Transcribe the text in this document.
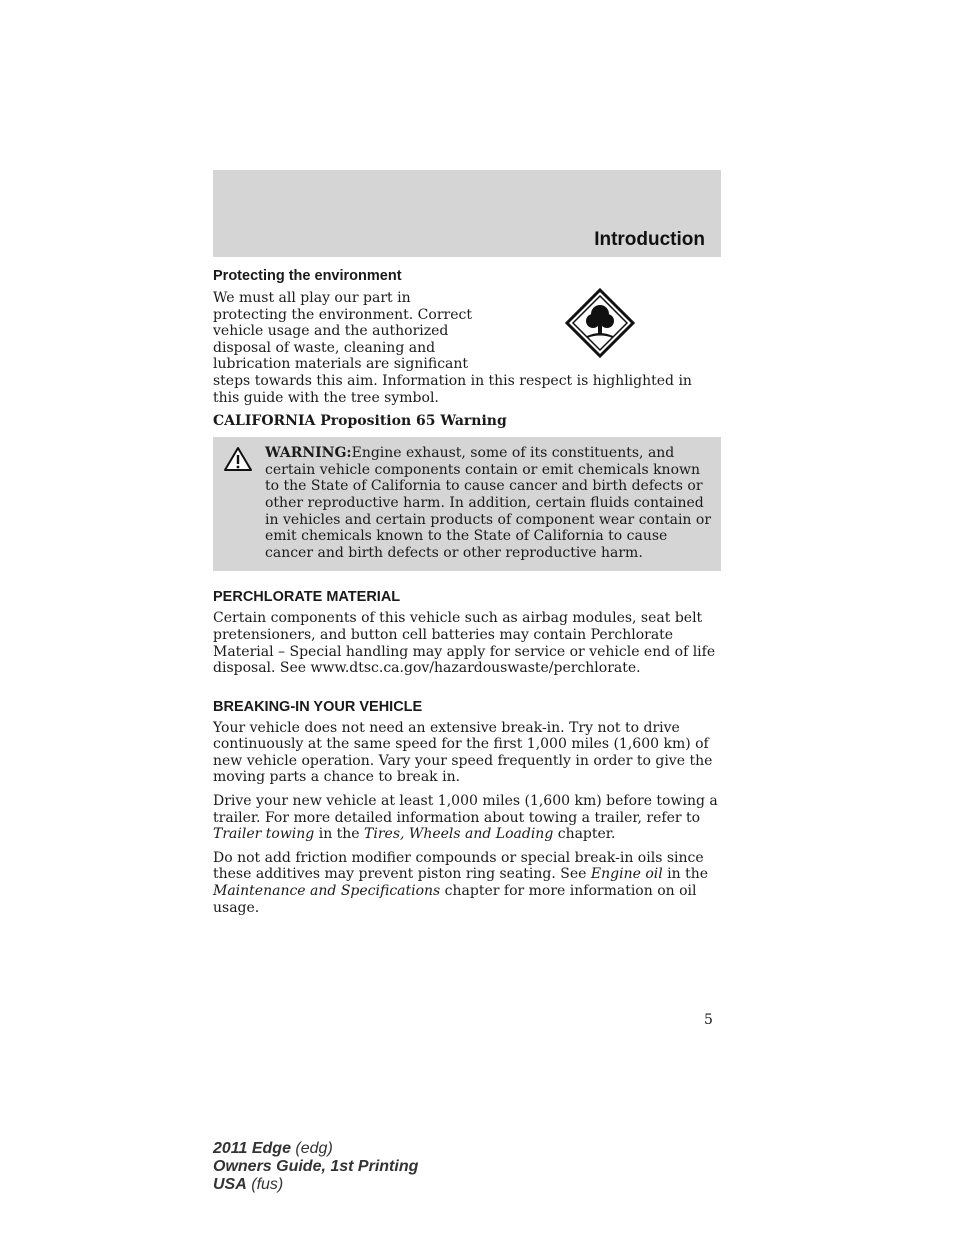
Introduction
Protecting the environment

We must all play our part in
protecting the environment. Correct
vehicle usage and the authorized
disposal of waste, cleaning and
lubrication materials are significant

steps towards this aim. Information in this respect is highlighted in this guide with the tree symbol.

CALIFORNIA Proposition 65 Warning
WARNING:Engine exhaust, some of its constituents, and certain vehicle components contain or emit chemicals known to the State of California to cause cancer and birth defects or other reproductive harm. In addition, certain fluids contained in vehicles and certain products of component wear contain or emit chemicals known to the State of California to cause cancer and birth defects or other reproductive harm.
PERCHLORATE MATERIAL

Certain components of this vehicle such as airbag modules, seat belt pretensioners, and button cell batteries may contain Perchlorate Material – Special handling may apply for service or vehicle end of life disposal. See www.dtsc.ca.gov/hazardouswaste/perchlorate.

BREAKING-IN YOUR VEHICLE

Your vehicle does not need an extensive break-in. Try not to drive continuously at the same speed for the first 1,000 miles (1,600 km) of new vehicle operation. Vary your speed frequently in order to give the moving parts a chance to break in.

Drive your new vehicle at least 1,000 miles (1,600 km) before towing a trailer. For more detailed information about towing a trailer, refer to Trailer towing in the Tires, Wheels and Loading chapter.

Do not add friction modifier compounds or special break-in oils since these additives may prevent piston ring seating. See Engine oil in the Maintenance and Specifications chapter for more information on oil usage.

5
2011 Edge (edg)
Owners Guide, 1st Printing
USA (fus)
